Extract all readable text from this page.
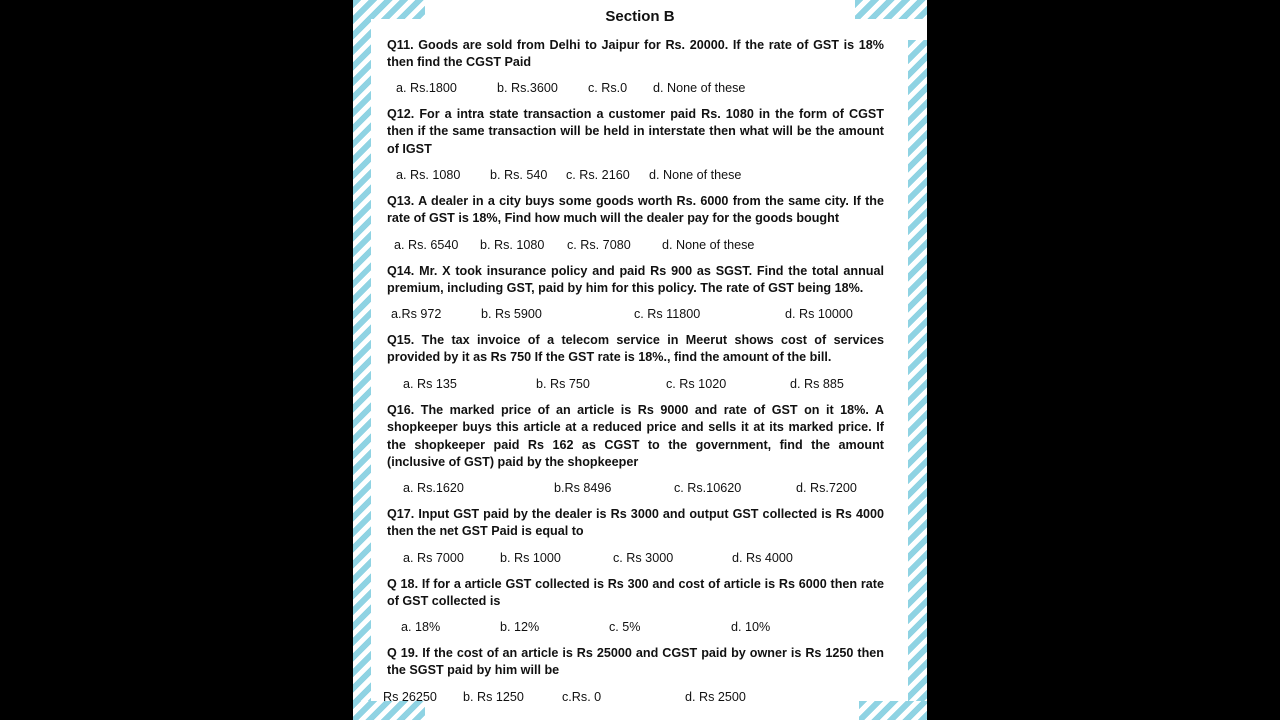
Section B
Q11. Goods are sold from Delhi to Jaipur for Rs. 20000. If the rate of GST is 18% then find the CGST Paid
a. Rs.1800	b. Rs.3600 c. Rs.0 d. None of these
Q12. For a intra state transaction a customer paid Rs. 1080 in the form of CGST then if the same transaction will be held in interstate then what will be the amount of IGST
a. Rs. 1080 b. Rs. 540 c. Rs. 2160 d. None of these
Q13. A dealer in a city buys some goods worth Rs. 6000 from the same city. If the rate of GST is 18%, Find how much will the dealer pay for the goods bought
a. Rs. 6540 b. Rs. 1080 c. Rs. 7080 d. None of these
Q14. Mr. X took insurance policy and paid Rs 900 as SGST. Find the total annual premium, including GST, paid by him for this policy. The rate of GST being 18%.
a.Rs 972	b. Rs 5900	c. Rs 11800	d. Rs 10000
Q15. The tax invoice of a telecom service in Meerut shows cost of services provided by it as Rs 750 If the GST rate is 18%., find the amount of the bill.
a. Rs 135	b. Rs 750	c. Rs 1020	d. Rs 885
Q16. The marked price of an article is Rs 9000 and rate of GST on it 18%. A shopkeeper buys this article at a reduced price and sells it at its marked price. If the shopkeeper paid Rs 162 as CGST to the government, find the amount (inclusive of GST) paid by the shopkeeper
a. Rs.1620	b.Rs 8496	c. Rs.10620	d. Rs.7200
Q17. Input GST paid by the dealer is Rs 3000 and output GST collected is Rs 4000 then the net GST Paid is equal to
a. Rs 7000	b. Rs 1000	c. Rs 3000	d. Rs 4000
Q 18. If for a article GST collected is Rs 300 and cost of article is Rs 6000 then rate of GST collected is
a. 18%	b. 12%	c. 5%	d. 10%
Q 19. If the cost of an article is Rs 25000 and CGST paid by owner is Rs 1250 then the SGST paid by him will be
Rs 26250 b. Rs 1250	c.Rs. 0	d. Rs 2500
